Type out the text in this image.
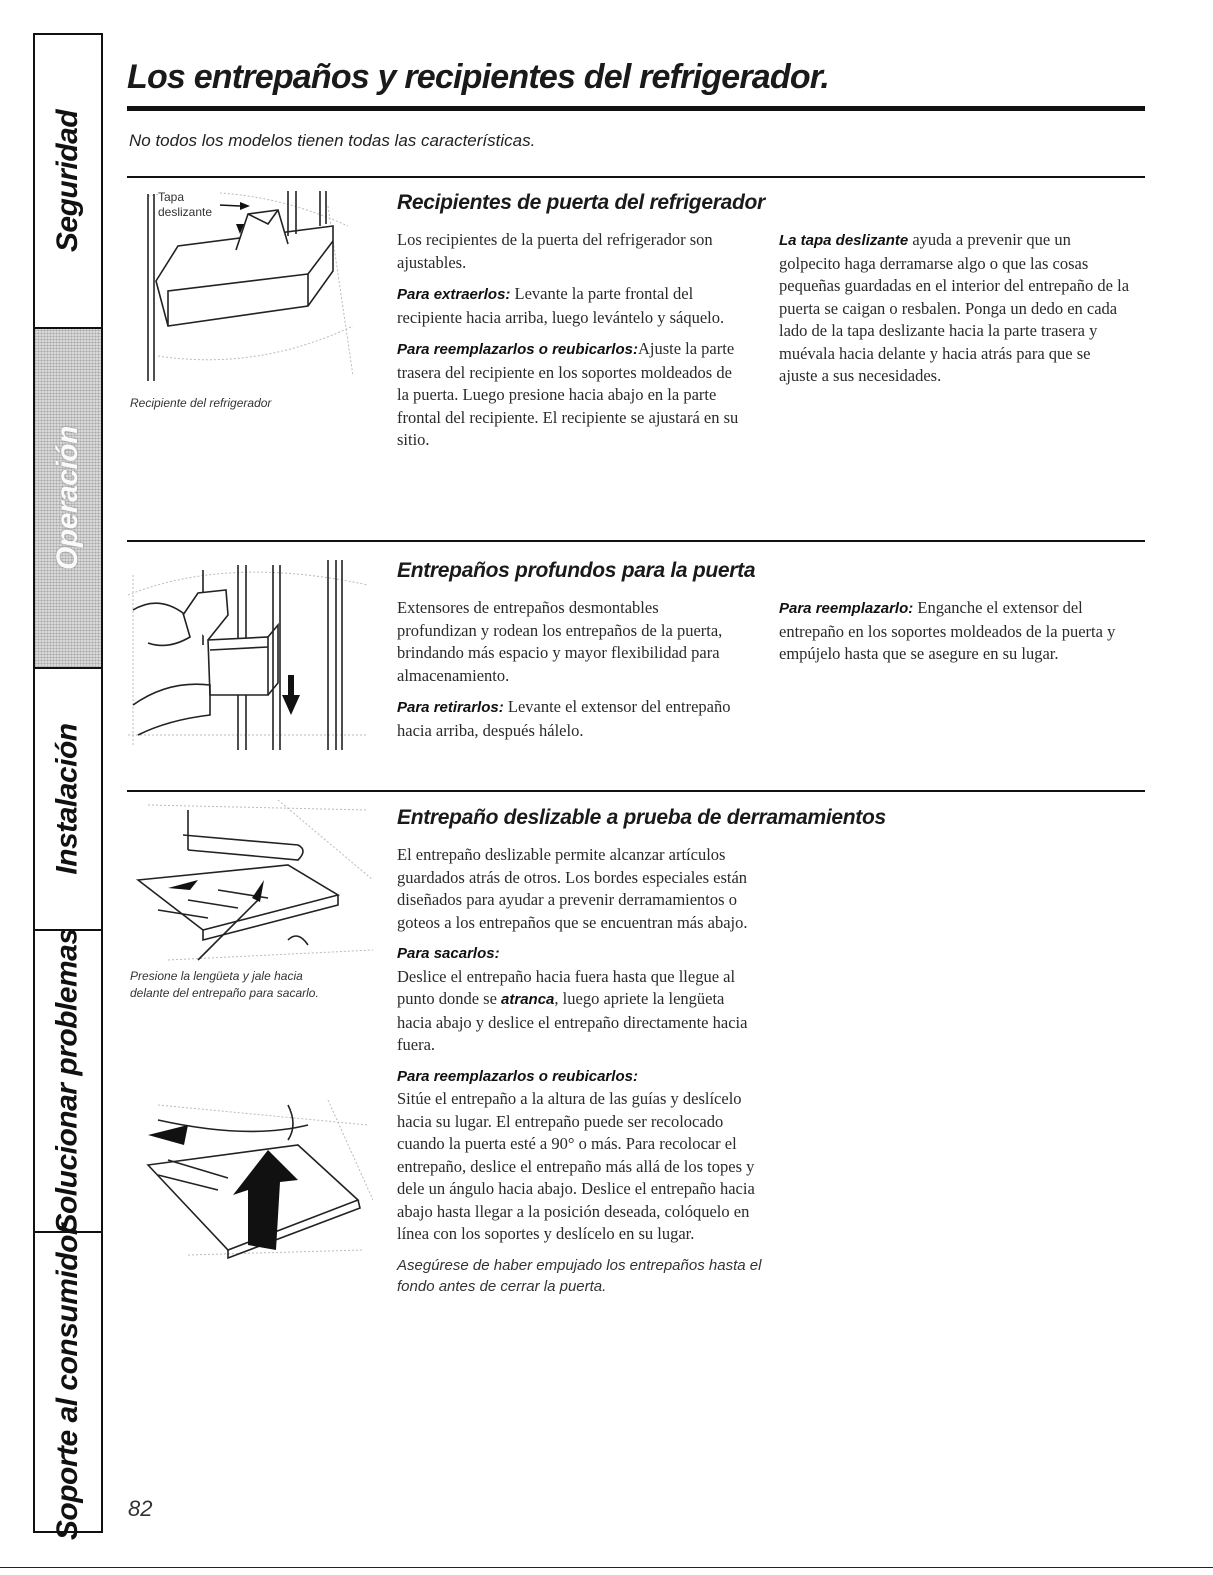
Seguridad
Operación
Instalación
Solucionar problemas
Soporte al consumidor
Los entrepaños y recipientes del refrigerador.
No todos los modelos tienen todas las características.
Tapa deslizante
Recipiente del refrigerador
Recipientes de puerta del refrigerador

Los recipientes de la puerta del refrigerador son ajustables.

Para extraerlos: Levante la parte frontal del recipiente hacia arriba, luego levántelo y sáquelo.

Para reemplazarlos o reubicarlos:Ajuste la parte trasera del recipiente en los soportes moldeados de la puerta. Luego presione hacia abajo en la parte frontal del recipiente. El recipiente se ajustará en su sitio.

La tapa deslizante ayuda a prevenir que un golpecito haga derramarse algo o que las cosas pequeñas guardadas en el interior del entrepaño de la puerta se caigan o resbalen. Ponga un dedo en cada lado de la tapa deslizante hacia la parte trasera y muévala hacia delante y hacia atrás para que se ajuste a sus necesidades.

Entrepaños profundos para la puerta

Extensores de entrepaños desmontables profundizan y rodean los entrepaños de la puerta, brindando más espacio y mayor flexibilidad para almacenamiento.

Para retirarlos: Levante el extensor del entrepaño hacia arriba, después hálelo.

Para reemplazarlo: Enganche el extensor del entrepaño en los soportes moldeados de la puerta y empújelo hasta que se asegure en su lugar.

Presione la lengüeta y jale hacia delante del entrepaño para sacarlo.
Entrepaño deslizable a prueba de derramamientos

El entrepaño deslizable permite alcanzar artículos guardados atrás de otros. Los bordes especiales están diseñados para ayudar a prevenir derramamientos o goteos a los entrepaños que se encuentran más abajo.

Para sacarlos:
Deslice el entrepaño hacia fuera hasta que llegue al punto donde se atranca, luego apriete la lengüeta hacia abajo y deslice el entrepaño directamente hacia fuera.

Para reemplazarlos o reubicarlos:
Sitúe el entrepaño a la altura de las guías y deslícelo hacia su lugar. El entrepaño puede ser recolocado cuando la puerta esté a 90° o más. Para recolocar el entrepaño, deslice el entrepaño más allá de los topes y dele un ángulo hacia abajo. Deslice el entrepaño hacia abajo hasta llegar a la posición deseada, colóquelo en línea con los soportes y deslícelo en su lugar.

Asegúrese de haber empujado los entrepaños hasta el fondo antes de cerrar la puerta.

82
